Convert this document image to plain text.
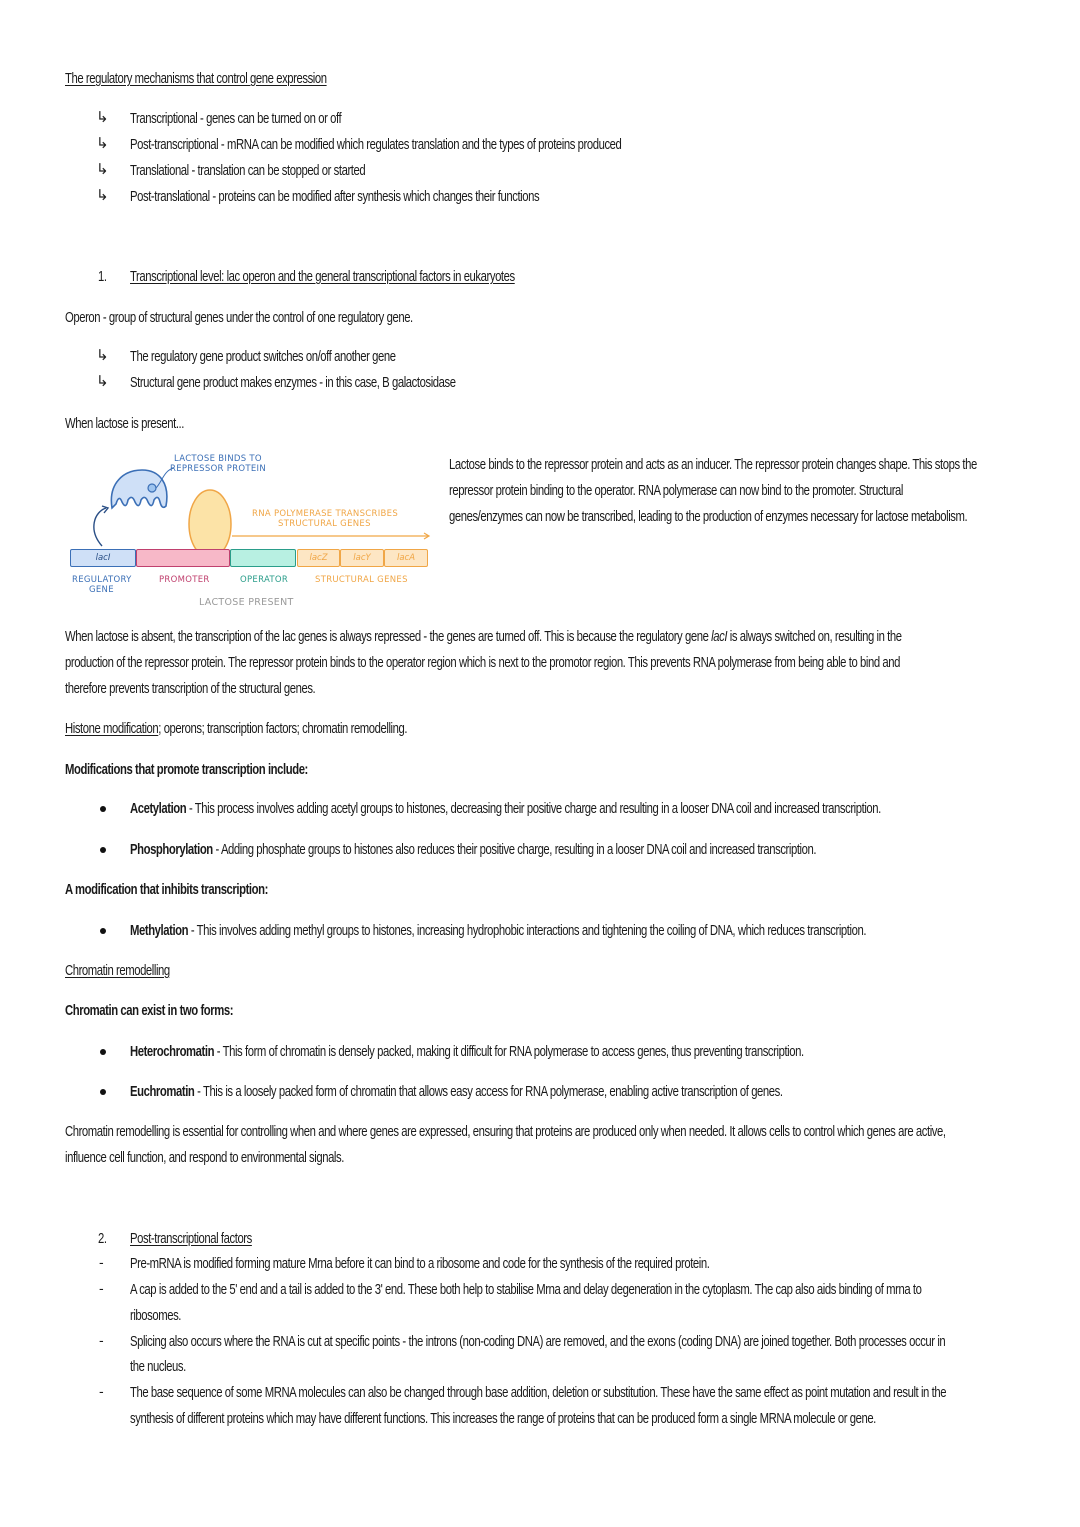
The regulatory mechanisms that control gene expression
↳ Transcriptional - genes can be turned on or off
↳ Post-transcriptional - mRNA can be modified which regulates translation and the types of proteins produced
↳ Translational - translation can be stopped or started
↳ Post-translational - proteins can be modified after synthesis which changes their functions
1. Transcriptional level: lac operon and the general transcriptional factors in eukaryotes
Operon - group of structural genes under the control of one regulatory gene.
↳ The regulatory gene product switches on/off another gene
↳ Structural gene product makes enzymes - in this case, B galactosidase
When lactose is present...
LACTOSE BINDS TO
REPRESSOR PROTEIN
RNA POLYMERASE TRANSCRIBES
STRUCTURAL GENES
lacI	lacZ	lacY	lacA
REGULATORY
GENE
PROMOTER	OPERATOR	STRUCTURAL GENES
LACTOSE PRESENT
Lactose binds to the repressor protein and acts as an inducer. The repressor protein changes shape. This stops the
repressor protein binding to the operator. RNA polymerase can now bind to the promoter. Structural
genes/enzymes can now be transcribed, leading to the production of enzymes necessary for lactose metabolism.
When lactose is absent, the transcription of the lac genes is always repressed - the genes are turned off. This is because the regulatory gene lacI is always switched on, resulting in the
production of the repressor protein. The repressor protein binds to the operator region which is next to the promotor region. This prevents RNA polymerase from being able to bind and
therefore prevents transcription of the structural genes.
Histone modification; operons; transcription factors; chromatin remodelling.
Modifications that promote transcription include:
Acetylation - This process involves adding acetyl groups to histones, decreasing their positive charge and resulting in a looser DNA coil and increased transcription.
Phosphorylation - Adding phosphate groups to histones also reduces their positive charge, resulting in a looser DNA coil and increased transcription.
A modification that inhibits transcription:
Methylation - This involves adding methyl groups to histones, increasing hydrophobic interactions and tightening the coiling of DNA, which reduces transcription.
Chromatin remodelling
Chromatin can exist in two forms:
Heterochromatin - This form of chromatin is densely packed, making it difficult for RNA polymerase to access genes, thus preventing transcription.
Euchromatin - This is a loosely packed form of chromatin that allows easy access for RNA polymerase, enabling active transcription of genes.
Chromatin remodelling is essential for controlling when and where genes are expressed, ensuring that proteins are produced only when needed. It allows cells to control which genes are active,
influence cell function, and respond to environmental signals.
2. Post-transcriptional factors
- Pre-mRNA is modified forming mature Mrna before it can bind to a ribosome and code for the synthesis of the required protein.
- A cap is added to the 5' end and a tail is added to the 3' end. These both help to stabilise Mrna and delay degeneration in the cytoplasm. The cap also aids binding of mrna to
ribosomes.
- Splicing also occurs where the RNA is cut at specific points - the introns (non-coding DNA) are removed, and the exons (coding DNA) are joined together. Both processes occur in
the nucleus.
- The base sequence of some MRNA molecules can also be changed through base addition, deletion or substitution. These have the same effect as point mutation and result in the
synthesis of different proteins which may have different functions. This increases the range of proteins that can be produced form a single MRNA molecule or gene.
